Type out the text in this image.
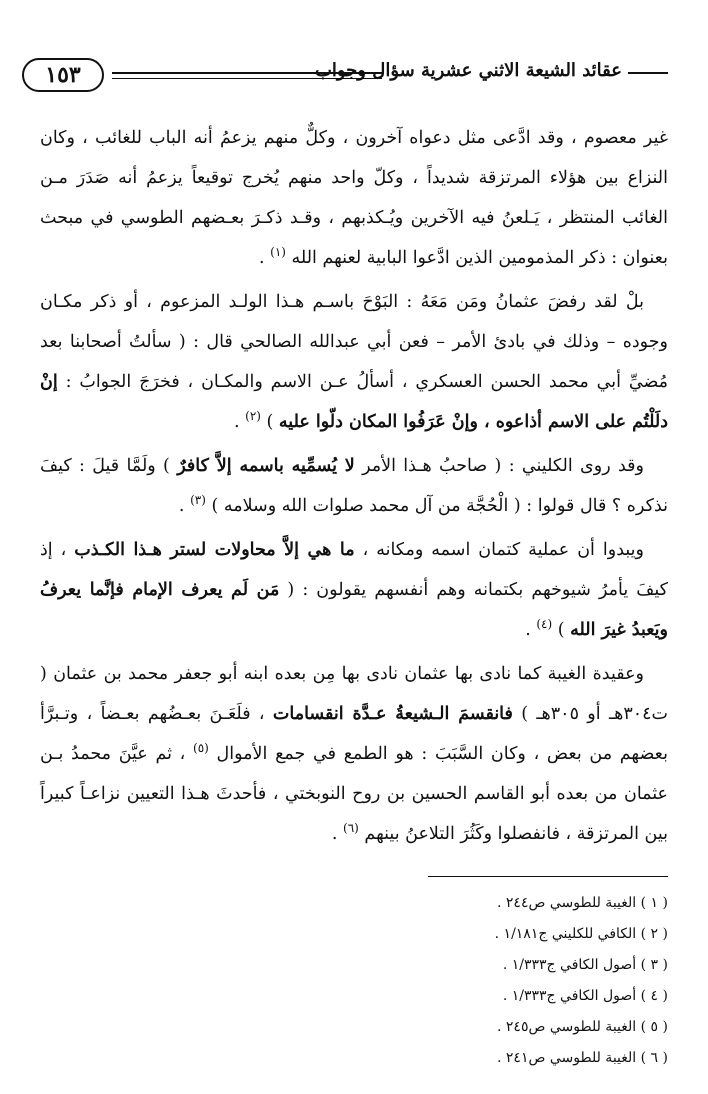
١٥٣	عقائد الشيعة الاثني عشرية سؤال وجواب

غير معصوم ، وقد ادَّعى مثل دعواه آخرون ، وكلٌّ منهم يزعمُ أنه الباب للغائب ، وكان النزاع بين هؤلاء المرتزقة شديداً ، وكلّ واحد منهم يُخرج توقيعاً يزعمُ أنه صَدَرَ مـن الغائب المنتظر ، يَـلعنُ فيه الآخرين ويُـكذبهم ، وقـد ذكـرَ بعـضهم الطوسي في مبحث بعنوان : ذكر المذمومين الذين ادَّعوا البابية لعنهم الله $^{(١)}$ .

بلْ لقد رفضَ عثمانُ ومَن مَعَهُ : البَوْحَ باسـم هـذا الولـد المزعوم ، أو ذكر مكـان وجوده – وذلك في بادئ الأمر – فعن أبي عبدالله الصالحي قال : ( سألتُ أصحابنا بعد مُضيِّ أبي محمد الحسن العسكري ، أسألُ عـن الاسم والمكـان ، فخرَجَ الجوابُ : إنْ دلَلْتُم على الاسم أذاعوه ، وإنْ عَرَفُوا المكان دلّوا عليه ) $^{(٢)}$ .

وقد روى الكليني : ( صاحبُ هـذا الأمر لا يُسمِّيه باسمه إلاَّ كافرٌ ) ولَمَّا قيلَ : كيفَ نذكره ؟ قال قولوا : ( الْحُجَّة من آل محمد صلوات الله وسلامه ) $^{(٣)}$ .

ويبدوا أن عملية كتمان اسمه ومكانه ، ما هي إلاَّ محاولات لستر هـذا الكـذب ، إذ كيفَ يأمرُ شيوخهم بكتمانه وهم أنفسهم يقولون : ( مَن لَم يعرف الإمام فإنَّما يعرفُ ويَعبدُ غيرَ الله ) $^{(٤)}$ .

وعقيدة الغيبة كما نادى بها عثمان نادى بها مِن بعده ابنه أبو جعفر محمد بن عثمان ( ت٣٠٤هـ أو ٣٠٥هـ ) فانقسمَ الـشيعةُ عـدَّة انقسامات ، فلَعَـنَ بعـضُهم بعـضاً ، وتـبرَّأ بعضهم من بعض ، وكان السَّبَبَ : هو الطمع في جمع الأموال $^{(٥)}$ ، ثم عيَّنَ محمدُ بـن عثمان من بعده أبو القاسم الحسين بن روح النوبختي ، فأحدثَ هـذا التعيين نزاعـاً كبيراً بين المرتزقة ، فانفصلوا وكَثُرَ التلاعنُ بينهم $^{(٦)}$ .

( ١ ) الغيبة للطوسي ص٢٤٤ .
( ٢ ) الكافي للكليني ج١/١٨١ .
( ٣ ) أصول الكافي ج١/٣٣٣ .
( ٤ ) أصول الكافي ج١/٣٣٣ .
( ٥ ) الغيبة للطوسي ص٢٤٥ .
( ٦ ) الغيبة للطوسي ص٢٤١ .
